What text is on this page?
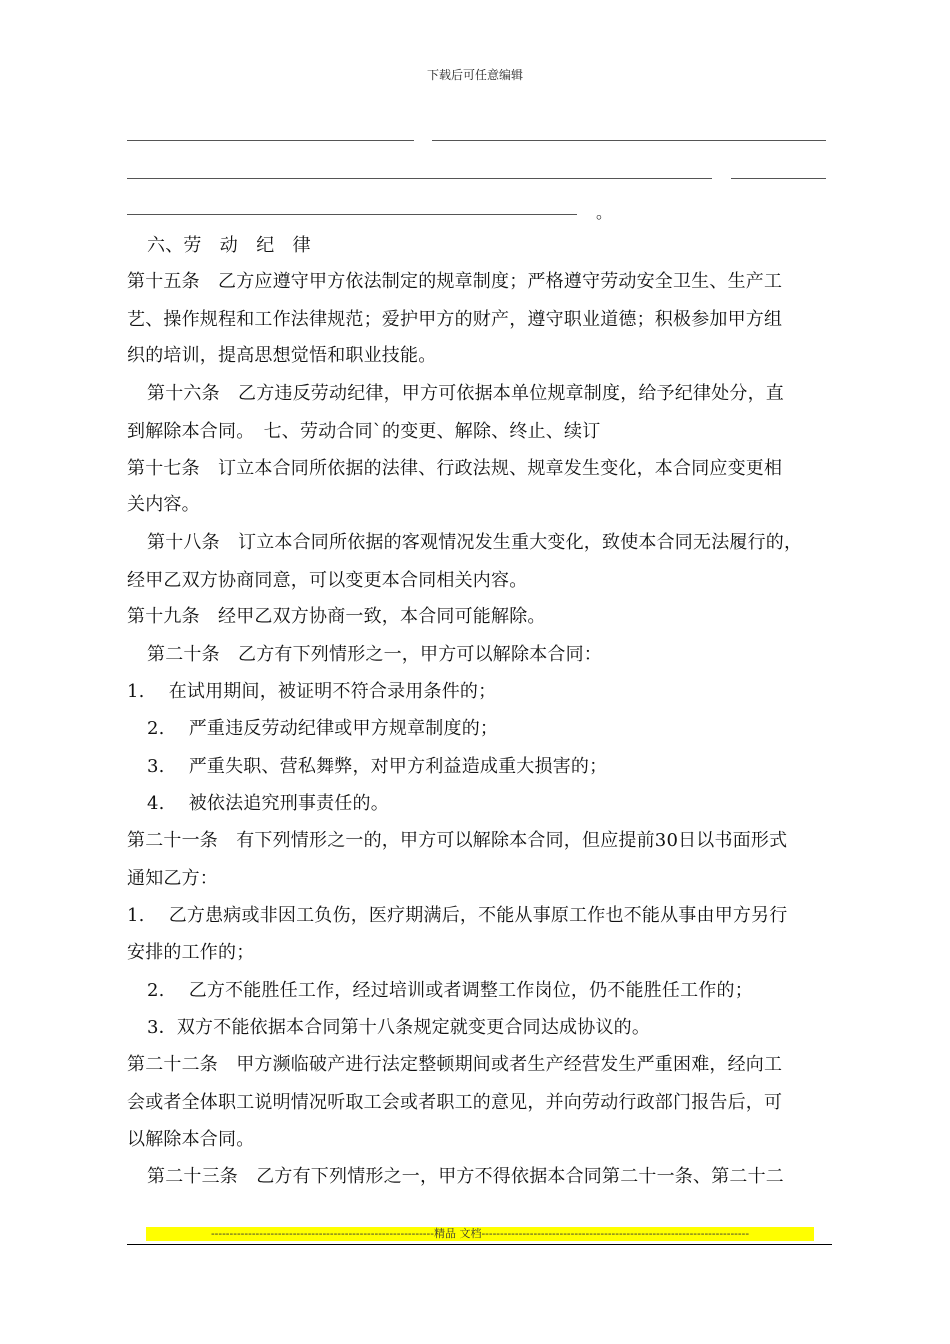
下载后可任意编辑
。
六、劳　动　纪　律
第十五条　乙方应遵守甲方依法制定的规章制度；严格遵守劳动安全卫生、生产工
艺、操作规程和工作法律规范；爱护甲方的财产，遵守职业道德；积极参加甲方组
织的培训，提高思想觉悟和职业技能。
第十六条　乙方违反劳动纪律，甲方可依据本单位规章制度，给予纪律处分，直
到解除本合同。　七、劳动合同`的变更、解除、终止、续订
第十七条　订立本合同所依据的法律、行政法规、规章发生变化，本合同应变更相
关内容。
第十八条　订立本合同所依据的客观情况发生重大变化，致使本合同无法履行的，
经甲乙双方协商同意，可以变更本合同相关内容。
第十九条　经甲乙双方协商一致，本合同可能解除。
第二十条　乙方有下列情形之一，甲方可以解除本合同：
1.　 在试用期间，被证明不符合录用条件的；
2.　 严重违反劳动纪律或甲方规章制度的；
3.　 严重失职、营私舞弊，对甲方利益造成重大损害的；
4.　 被依法追究刑事责任的。
第二十一条　有下列情形之一的，甲方可以解除本合同，但应提前30日以书面形式
通知乙方：
1.　 乙方患病或非因工负伤，医疗期满后，不能从事原工作也不能从事由甲方另行
安排的工作的；
2.　 乙方不能胜任工作，经过培训或者调整工作岗位，仍不能胜任工作的；
3．双方不能依据本合同第十八条规定就变更合同达成协议的。
第二十二条　甲方濒临破产进行法定整顿期间或者生产经营发生严重困难，经向工
会或者全体职工说明情况听取工会或者职工的意见，并向劳动行政部门报告后，可
以解除本合同。
第二十三条　乙方有下列情形之一，甲方不得依据本合同第二十一条、第二十二
------------------------------------------------------------精品 文档------------------------------------------------------------------------
